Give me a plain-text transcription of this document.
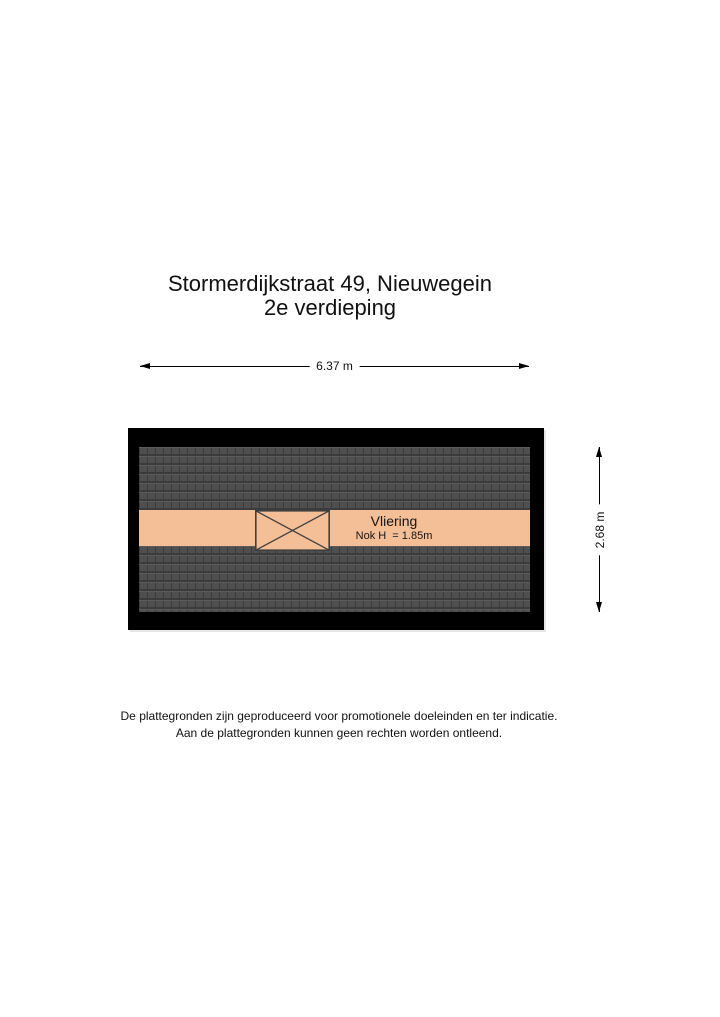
Stormerdijkstraat 49, Nieuwegein
2e verdieping
6.37 m
Vliering
Nok H  = 1.85m	2.68 m
De plattegronden zijn geproduceerd voor promotionele doeleinden en ter indicatie.
Aan de plattegronden kunnen geen rechten worden ontleend.
